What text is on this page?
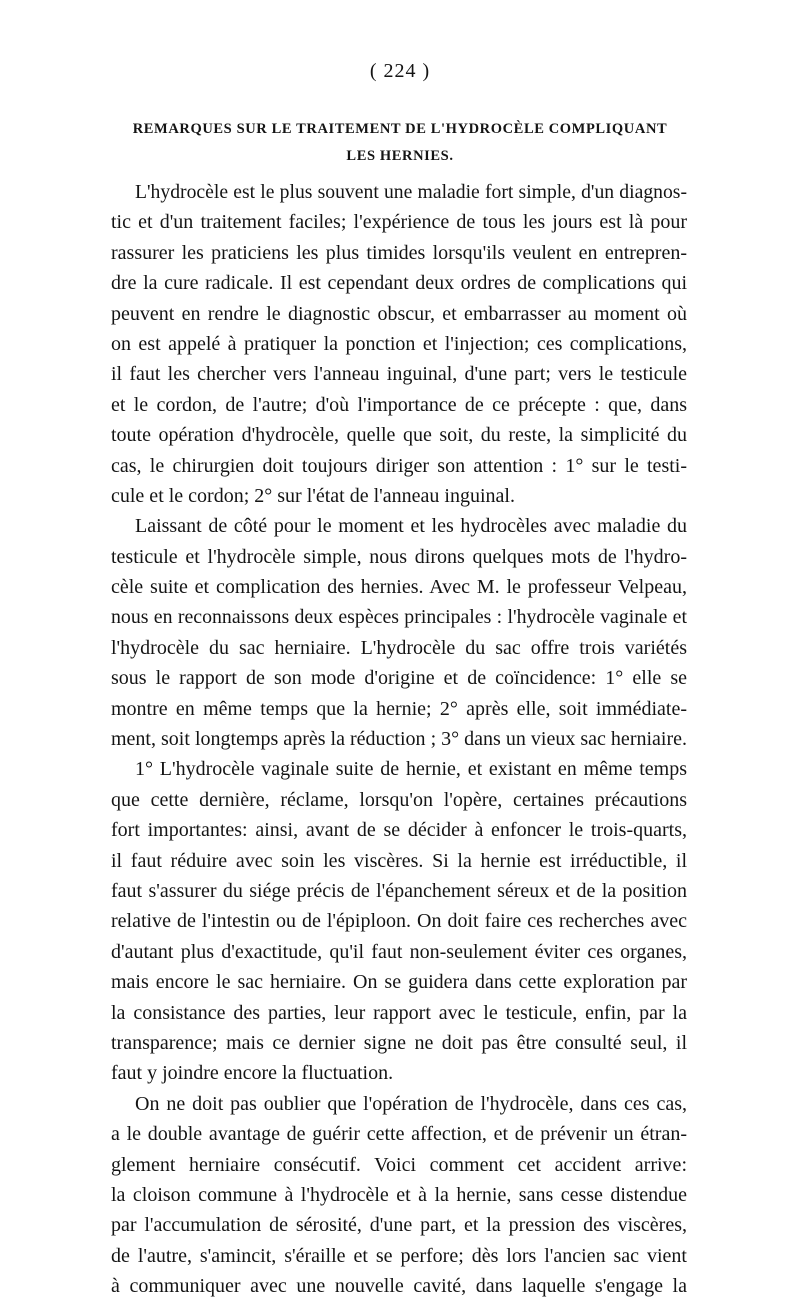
( 224 )
REMARQUES SUR LE TRAITEMENT DE L'HYDROCÈLE COMPLIQUANT
LES HERNIES.
L'hydrocèle est le plus souvent une maladie fort simple, d'un diagnos-
tic et d'un traitement faciles; l'expérience de tous les jours est là pour
rassurer les praticiens les plus timides lorsqu'ils veulent en entrepren-
dre la cure radicale. Il est cependant deux ordres de complications qui
peuvent en rendre le diagnostic obscur, et embarrasser au moment où
on est appelé à pratiquer la ponction et l'injection; ces complications,
il faut les chercher vers l'anneau inguinal, d'une part; vers le testicule
et le cordon, de l'autre; d'où l'importance de ce précepte : que, dans
toute opération d'hydrocèle, quelle que soit, du reste, la simplicité du
cas, le chirurgien doit toujours diriger son attention : 1° sur le testi-
cule et le cordon; 2° sur l'état de l'anneau inguinal.
Laissant de côté pour le moment et les hydrocèles avec maladie du
testicule et l'hydrocèle simple, nous dirons quelques mots de l'hydro-
cèle suite et complication des hernies. Avec M. le professeur Velpeau,
nous en reconnaissons deux espèces principales : l'hydrocèle vaginale et
l'hydrocèle du sac herniaire. L'hydrocèle du sac offre trois variétés
sous le rapport de son mode d'origine et de coïncidence: 1° elle se
montre en même temps que la hernie; 2° après elle, soit immédiate-
ment, soit longtemps après la réduction ; 3° dans un vieux sac herniaire.
1° L'hydrocèle vaginale suite de hernie, et existant en même temps
que cette dernière, réclame, lorsqu'on l'opère, certaines précautions
fort importantes: ainsi, avant de se décider à enfoncer le trois-quarts,
il faut réduire avec soin les viscères. Si la hernie est irréductible, il
faut s'assurer du siége précis de l'épanchement séreux et de la position
relative de l'intestin ou de l'épiploon. On doit faire ces recherches avec
d'autant plus d'exactitude, qu'il faut non-seulement éviter ces organes,
mais encore le sac herniaire. On se guidera dans cette exploration par
la consistance des parties, leur rapport avec le testicule, enfin, par la
transparence; mais ce dernier signe ne doit pas être consulté seul, il
faut y joindre encore la fluctuation.
On ne doit pas oublier que l'opération de l'hydrocèle, dans ces cas,
a le double avantage de guérir cette affection, et de prévenir un étran-
glement herniaire consécutif. Voici comment cet accident arrive:
la cloison commune à l'hydrocèle et à la hernie, sans cesse distendue
par l'accumulation de sérosité, d'une part, et la pression des viscères,
de l'autre, s'amincit, s'éraille et se perfore; dès lors l'ancien sac vient
à communiquer avec une nouvelle cavité, dans laquelle s'engage la
